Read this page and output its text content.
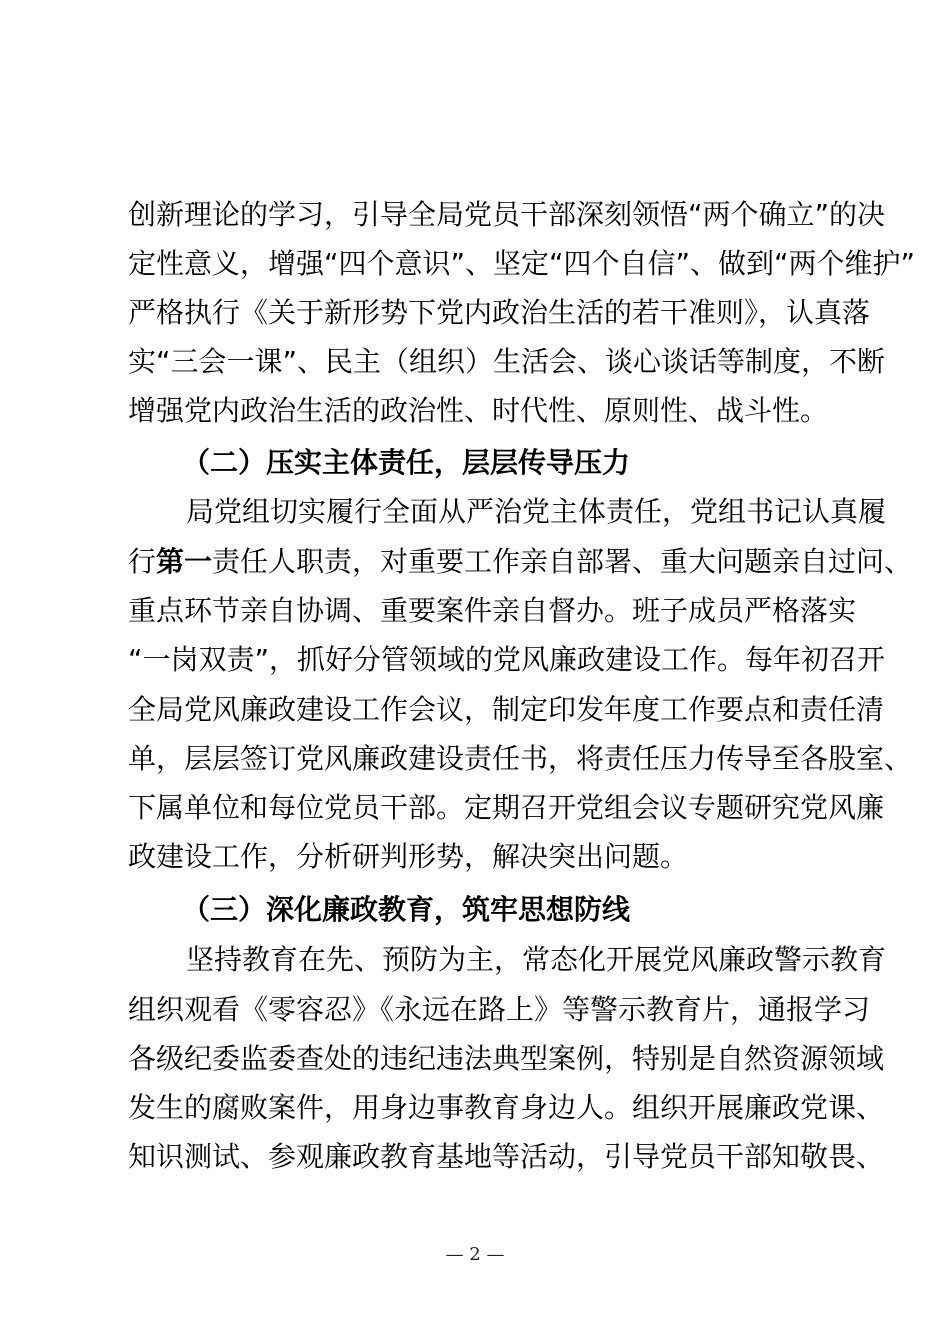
创新理论的学习，引导全局党员干部深刻领悟“两个确立”的决
定性意义，增强“四个意识”、坚定“四个自信”、做到“两个维护”
严格执行《关于新形势下党内政治生活的若干准则》，认真落
实“三会一课”、民主（组织）生活会、谈心谈话等制度，不断
增强党内政治生活的政治性、时代性、原则性、战斗性。
（二）压实主体责任，层层传导压力
局党组切实履行全面从严治党主体责任，党组书记认真履
行第一责任人职责，对重要工作亲自部署、重大问题亲自过问、
重点环节亲自协调、重要案件亲自督办。班子成员严格落实
“一岗双责”，抓好分管领域的党风廉政建设工作。每年初召开
全局党风廉政建设工作会议，制定印发年度工作要点和责任清
单，层层签订党风廉政建设责任书，将责任压力传导至各股室、
下属单位和每位党员干部。定期召开党组会议专题研究党风廉
政建设工作，分析研判形势，解决突出问题。
（三）深化廉政教育，筑牢思想防线
坚持教育在先、预防为主，常态化开展党风廉政警示教育
组织观看《零容忍》《永远在路上》等警示教育片，通报学习
各级纪委监委查处的违纪违法典型案例，特别是自然资源领域
发生的腐败案件，用身边事教育身边人。组织开展廉政党课、
知识测试、参观廉政教育基地等活动，引导党员干部知敬畏、
— 2 —
